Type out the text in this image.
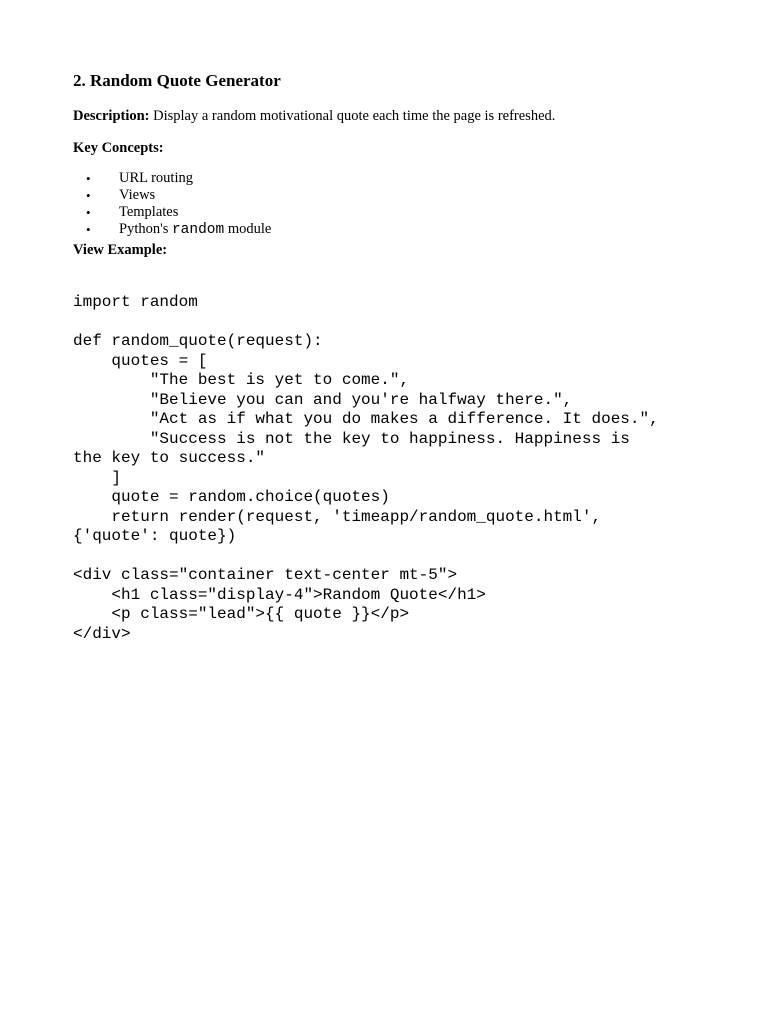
2. Random Quote Generator

Description: Display a random motivational quote each time the page is refreshed.

Key Concepts:

• URL routing
• Views
• Templates
• Python's random module

View Example:

import random

def random_quote(request):
quotes = [
"The best is yet to come.",
"Believe you can and you're halfway there.",
"Act as if what you do makes a difference. It does.",
"Success is not the key to happiness. Happiness is
the key to success."
]
quote = random.choice(quotes)
return render(request, 'timeapp/random_quote.html',
{'quote': quote})

<div class="container text-center mt-5">
<h1 class="display-4">Random Quote</h1>
<p class="lead">{{ quote }}</p>
</div>
